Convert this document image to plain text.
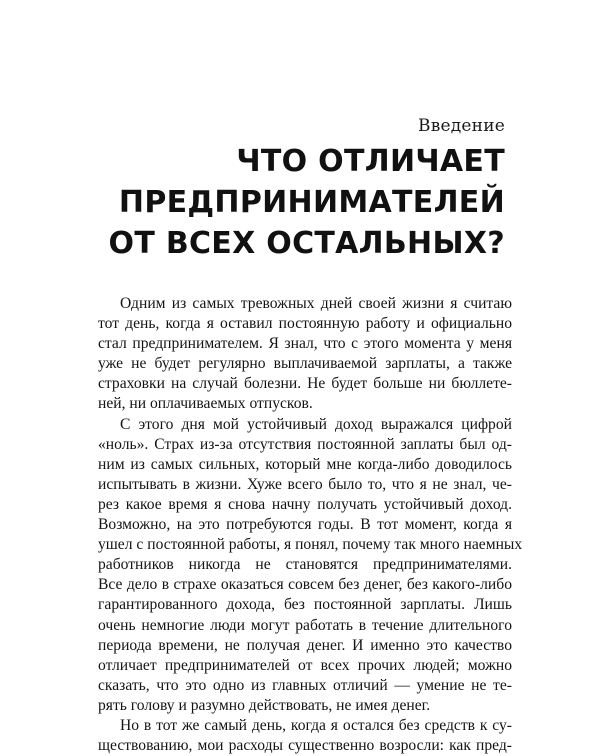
Введение
ЧТО ОТЛИЧАЕТ
ПРЕДПРИНИМАТЕЛЕЙ
ОТ ВСЕХ ОСТАЛЬНЫХ?
Одним из самых тревожных дней своей жизни я считаю
тот день, когда я оставил постоянную работу и официально
стал предпринимателем. Я знал, что с этого момента у меня
уже не будет регулярно выплачиваемой зарплаты, а также
страховки на случай болезни. Не будет больше ни бюллете-
ней, ни оплачиваемых отпусков.
С этого дня мой устойчивый доход выражался цифрой
«ноль». Страх из-за отсутствия постоянной заплаты был од-
ним из самых сильных, который мне когда-либо доводилось
испытывать в жизни. Хуже всего было то, что я не знал, че-
рез какое время я снова начну получать устойчивый доход.
Возможно, на это потребуются годы. В тот момент, когда я
ушел с постоянной работы, я понял, почему так много наемных
работников никогда не становятся предпринимателями.
Все дело в страхе оказаться совсем без денег, без какого-либо
гарантированного дохода, без постоянной зарплаты. Лишь
очень немногие люди могут работать в течение длительного
периода времени, не получая денег. И именно это качество
отличает предпринимателей от всех прочих людей; можно
сказать, что это одно из главных отличий — умение не те-
рять голову и разумно действовать, не имея денег.
Но в тот же самый день, когда я остался без средств к су-
ществованию, мои расходы существенно возросли: как пред-
